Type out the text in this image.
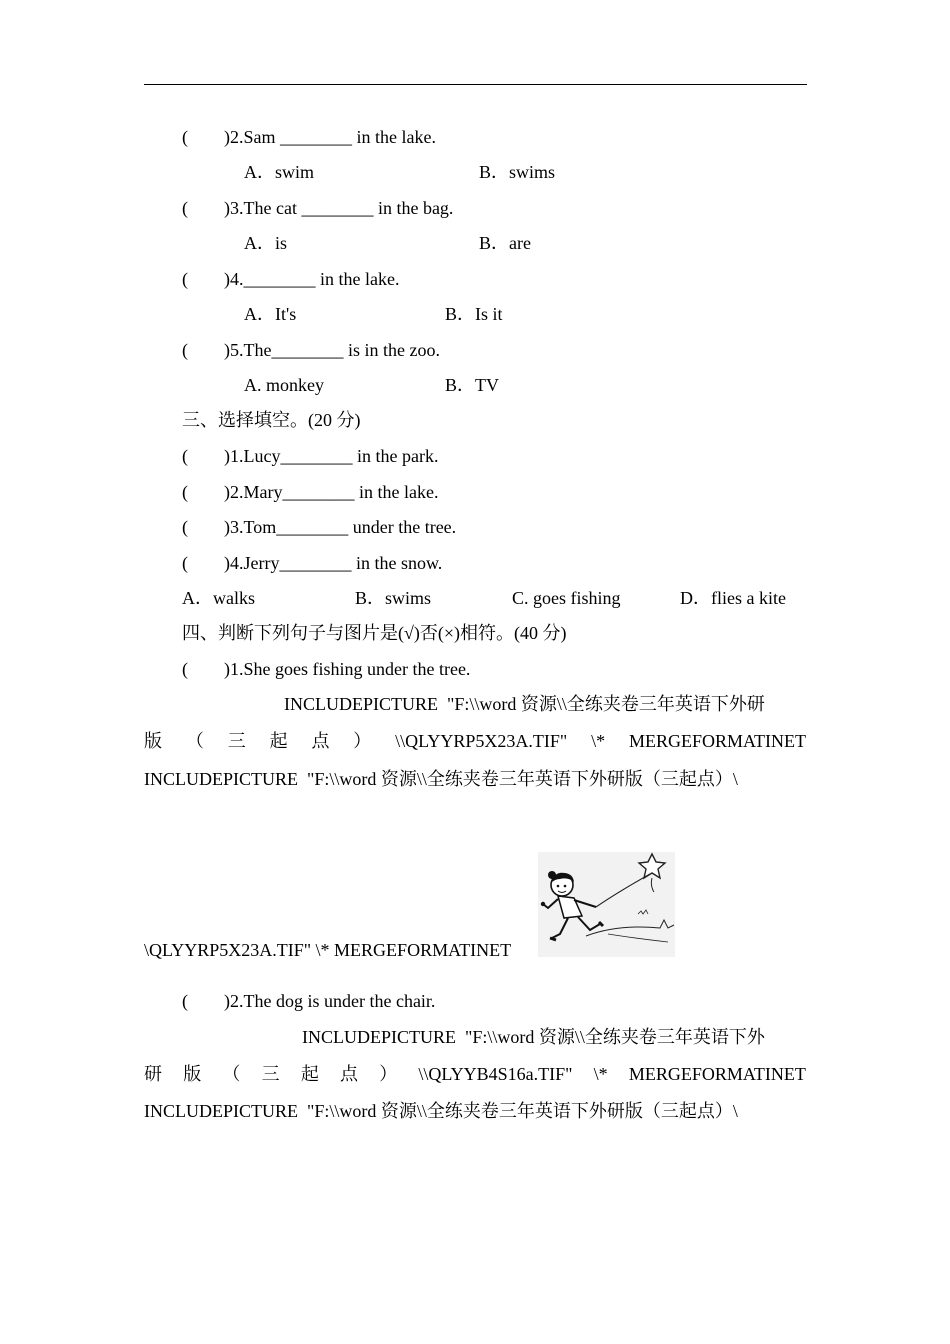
(        )2.Sam ________ in the lake.
A．swim	B．swims
(        )3.The cat ________ in the bag.
A．is	B．are
(        )4.________ in the lake.
A．It's	B．Is it
(        )5.The________ is in the zoo.
A. monkey	B．TV
三、选择填空。(20 分)
(        )1.Lucy________ in the park.
(        )2.Mary________ in the lake.
(        )3.Tom________ under the tree.
(        )4.Jerry________ in the snow.
A．walks	B．swims	C. goes fishing	D．flies a kite
四、判断下列句子与图片是(√)否(×)相符。(40 分)
(        )1.She goes fishing under the tree.
INCLUDEPICTURE  "F:\\word 资源\\全练夹卷三年英语下外研
版 （ 三 起 点 ） \\QLYYRP5X23A.TIF" \* MERGEFORMATINET
INCLUDEPICTURE  "F:\\word 资源\\全练夹卷三年英语下外研版（三起点）\
\QLYYRP5X23A.TIF" \* MERGEFORMATINET
(        )2.The dog is under the chair.
INCLUDEPICTURE  "F:\\word 资源\\全练夹卷三年英语下外
研 版 （ 三 起 点 ） \\QLYYB4S16a.TIF" \* MERGEFORMATINET
INCLUDEPICTURE  "F:\\word 资源\\全练夹卷三年英语下外研版（三起点）\
